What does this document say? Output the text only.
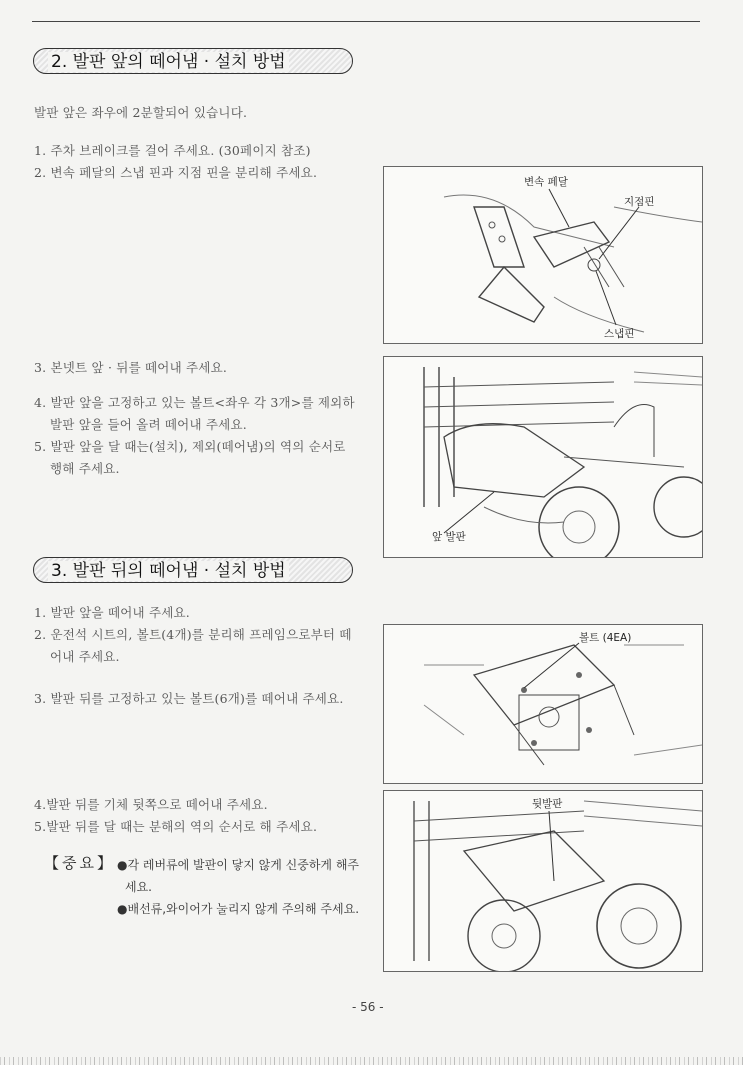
2. 발판 앞의 떼어냄 · 설치 방법
발판 앞은 좌우에 2분할되어 있습니다.
1. 주차 브레이크를 걸어 주세요. (30페이지 참조)
2. 변속 페달의 스냅 핀과 지점 핀을 분리해 주세요.
3. 본넷트 앞 · 뒤를 떼어내 주세요.
4. 발판 앞을 고정하고 있는 볼트<좌우 각 3개>를 제외하
발판 앞을 들어 올려 떼어내 주세요.
5. 발판 앞을 달 때는(설치), 제외(떼어냄)의 역의 순서로
행해 주세요.
변속 페달
지점핀
스냅핀
앞 발판
3. 발판 뒤의 떼어냄 · 설치 방법
1. 발판 앞을 떼어내 주세요.
2. 운전석 시트의, 볼트(4개)를 분리해 프레임으로부터 떼
어내 주세요.
3. 발판 뒤를 고정하고 있는 볼트(6개)를 떼어내 주세요.
4.발판 뒤를 기체 뒷쪽으로 떼어내 주세요.
5.발판 뒤를 달 때는 분해의 역의 순서로 해 주세요.
볼트 (4EA)
뒷발판
【중요】 ●각 레버류에 발판이 닿지 않게 신중하게 해주
세요.
●배선류,와이어가 눌리지 않게 주의해 주세요.
- 56 -
